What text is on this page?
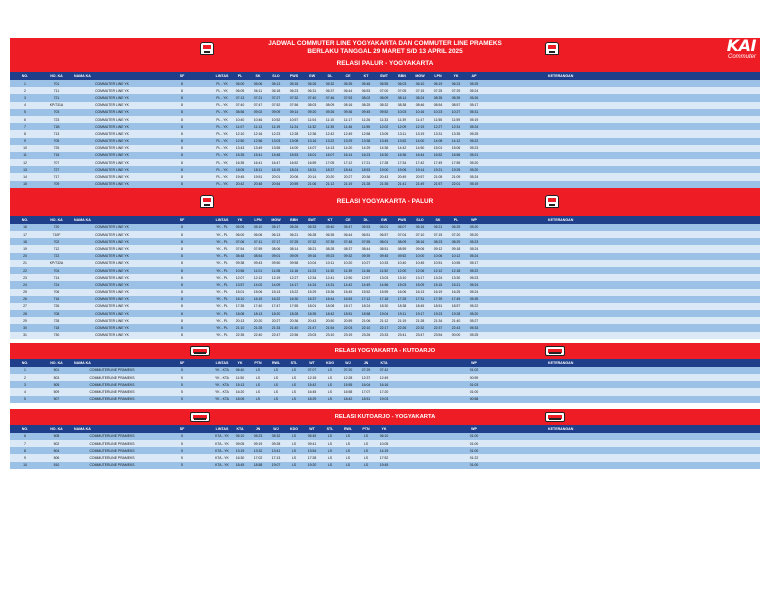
JADWAL COMMUTER LINE YOGYAKARTA DAN COMMUTER LINE PRAMEKS
BERLAKU TANGGAL 29 MARET S/D 13 APRIL 2025
RELASI PALUR - YOGYAKARTA
KAI
Commuter
NO.	NO. KA	NAMA KA	SF	LINTAS	PL	SK	SLO	PWS	GW	DL	CE	KT	SWT	BBN	MGW	LPN	YK	AP	KETERANGAN
1	701	COMMUTER LINE YK	8	PL - YK	05:00	05:06	05:13	05:18	05:26	05:32	05:39	05:48	05:55	06:03	06:10	06:19	06:23	05:25
2	711	COMMUTER LINE YK	8	PL - YK	06:05	06:11	06:18	06:23	06:31	06:37	06:44	06:53	07:00	07:05	07:15	07:25	07:29	05:24
3	721	COMMUTER LINE YK	8	PL - YK	07:13	07:21	07:27	07:32	07:40	07:46	07:53	08:02	08:09	08:14	08:24	08:35	08:39	05:26
4	KP/731A	COMMUTER LINE YK	8	PL - YK	07:40	07:47	07:52	07:56	08:03	08:09	08:16	08:25	08:32	08:38	08:46	08:54	08:57	05:17
5	703	COMMUTER LINE YK	8	PL - YK	08:56	09:02	09:09	09:14	09:20	09:26	09:36	09:45	09:52	10:03	10:16	10:23	10:27	05:31
6	723	COMMUTER LINE YK	8	PL - YK	10:40	10:46	10:52	10:57	11:04	11:10	11:17	11:26	11:33	11:39	11:47	11:55	11:59	05:19
7	71B	COMMUTER LINE YK	8	PL - YK	11:07	11:13	11:19	11:24	11:32	11:39	11:46	11:55	12:02	12:09	12:19	12:27	12:31	05:24
8	713	COMMUTER LINE YK	8	PL - YK	12:10	12:16	12:23	12:28	12:36	12:42	12:49	12:58	13:05	13:11	13:19	13:31	13:35	05:25
9	705	COMMUTER LINE YK	8	PL - YK	12:50	12:56	13:03	13:08	13:16	13:22	13:29	13:38	13:45	13:52	14:00	14:08	14:12	05:22
10	725	COMMUTER LINE YK	8	PL - YK	13:43	13:49	13:55	14:00	14:07	14:13	14:20	14:29	14:36	14:42	14:50	15:01	15:06	05:23
11	715	COMMUTER LINE YK	8	PL - YK	15:35	15:41	15:48	15:53	16:01	16:07	16:14	16:23	16:30	16:36	16:44	16:52	16:56	05:21
12	707	COMMUTER LINE YK	8	PL - YK	16:35	16:41	16:47	16:52	16:59	17:05	17:12	17:21	17:28	17:34	17:42	17:49	17:55	05:20
13	727	COMMUTER LINE YK	8	PL - YK	18:05	18:11	18:19	18:24	18:31	18:37	18:44	18:53	19:00	19:06	19:14	19:21	19:25	05:20
14	717	COMMUTER LINE YK	8	PL - YK	19:45	19:51	20:01	20:06	20:14	20:20	20:27	20:36	20:43	20:49	20:57	21:05	21:09	05:24
15	709	COMMUTER LINE YK	8	PL - YK	20:42	20:48	20:54	20:59	21:06	21:12	21:19	21:28	21:35	21:41	21:49	21:57	22:01	05:19
RELASI YOGYAKARTA - PALUR
NO.	NO. KA	NAMA KA	SF	LINTAS	YK	LPN	MGW	BBN	SWT	KT	CE	DL	GW	PWS	SLO	SK	PL	WP	KETERANGAN
16	720	COMMUTER LINE YK	8	YK - PL	05:05	05:10	05:17	05:26	05:33	05:40	05:47	05:53	06:01	06:07	06:16	06:21	06:25	05:20
17	710F	COMMUTER LINE YK	8	YK - PL	06:00	06:06	06:13	06:21	06:28	06:35	06:44	06:51	06:57	07:04	07:10	07:15	07:20	05:20
18	702	COMMUTER LINE YK	8	YK - PL	07:06	07:11	07:17	07:25	07:32	07:39	07:48	07:55	08:01	08:09	08:16	08:23	08:29	05:23
19	712	COMMUTER LINE YK	8	YK - PL	07:54	07:59	08:06	08:14	08:21	08:28	08:37	08:44	08:51	08:59	09:06	09:12	09:18	05:24
20	722	COMMUTER LINE YK	8	YK - PL	08:48	08:54	09:01	09:09	09:16	09:23	09:32	09:39	09:45	09:52	10:00	10:06	10:12	05:24
21	KP/732A	COMMUTER LINE YK	8	YK - PL	09:38	09:43	09:50	09:58	10:04	10:11	10:20	10:27	10:33	10:40	10:45	10:51	10:55	05:17
22	704	COMMUTER LINE YK	8	YK - PL	10:56	11:01	11:08	11:16	11:23	11:30	11:39	11:46	11:52	12:00	12:06	12:12	12:18	05:22
23	714	COMMUTER LINE YK	8	YK - PL	12:07	12:12	12:19	12:27	12:34	12:41	12:50	12:57	13:03	13:10	13:17	13:24	13:30	05:23
24	724	COMMUTER LINE YK	8	YK - PL	13:57	14:02	14:09	14:17	14:24	14:31	14:42	14:49	14:56	15:03	15:09	15:15	15:21	05:24
25	706	COMMUTER LINE YK	8	YK - PL	15:01	15:06	15:13	15:22	15:29	15:36	15:45	15:52	15:59	16:06	16:13	16:19	16:25	05:24
26	716	COMMUTER LINE YK	8	YK - PL	16:10	16:15	16:22	16:30	16:37	16:44	16:53	17:12	17:18	17:25	17:31	17:39	17:45	05:35
27	726	COMMUTER LINE YK	8	YK - PL	17:35	17:40	17:47	17:55	18:01	18:08	18:17	18:24	18:30	18:38	18:45	18:51	18:57	05:22
28	708	COMMUTER LINE YK	8	YK - PL	18:08	18:13	18:20	18:28	18:35	18:42	18:51	18:58	19:04	19:11	19:17	19:23	19:28	05:20
29	728	COMMUTER LINE YK	8	YK - PL	20:13	20:20	20:27	20:36	20:43	20:50	20:59	21:06	21:12	21:19	21:28	21:34	21:40	05:27
30	718	COMMUTER LINE YK	8	YK - PL	21:10	21:25	21:33	21:40	21:47	21:54	22:03	22:10	22:17	22:26	22:32	22:37	22:43	05:33
31	730	COMMUTER LINE YK	8	YK - PL	22:35	22:40	22:47	22:56	23:03	23:10	23:19	23:26	23:33	23:41	23:47	23:54	00:00	05:25
RELASI YOGYAKARTA - KUTOARJO
NO.	NO. KA	NAMA KA	SF	LINTAS	YK	PTN	RWL	STL	WT	KDG	WJ	JN	KTA	WP	KETERANGAN
1	501	COMMUTERLINE PRAMEKS	5	YK - KTA	06:40	LS	LS	LS	07:07	LS	07:20	07:29	07:42	01:02
2	503	COMMUTERLINE PRAMEKS	5	YK - KTA	11:50	LS	LS	LS	12:15	LS	12:28	12:37	12:49	00:59
3	505	COMMUTERLINE PRAMEKS	5	YK - KTA	15:13	LS	LS	LS	15:42	LS	15:55	16:04	16:16	01:03
4	509	COMMUTERLINE PRAMEKS	5	YK - KTA	16:20	LS	LS	LS	16:45	LS	16:58	17:07	17:20	01:00
5	507	COMMUTERLINE PRAMEKS	5	YK - KTA	18:05	LS	LS	LS	18:29	LS	18:42	18:51	19:03	00:58
RELASI KUTOARJO - YOGYAKARTA
NO.	NO. KA	NAMA KA	SF	LINTAS	KTA	JN	WJ	KDG	WT	STL	RWL	PTN	YK	WP	KETERANGAN
6	508	COMMUTERLINE PRAMEKS	5	KTA - YK	05:10	05:23	05:32	LS	05:45	LS	LS	LS	06:10	01:00
7	502	COMMUTERLINE PRAMEKS	5	KTA - YK	09:05	09:19	09:28	LS	09:41	LS	LS	LS	10:05	01:00
8	504	COMMUTERLINE PRAMEKS	5	KTA - YK	13:19	13:32	13:41	LS	13:54	LS	LS	LS	14:19	01:00
9	506	COMMUTERLINE PRAMEKS	5	KTA - YK	16:30	17:02	17:13	LS	17:28	LS	LS	LS	17:52	01:22
10	510	COMMUTERLINE PRAMEKS	5	KTA - YK	18:45	18:58	19:07	LS	19:20	LS	LS	LS	19:45	01:00
